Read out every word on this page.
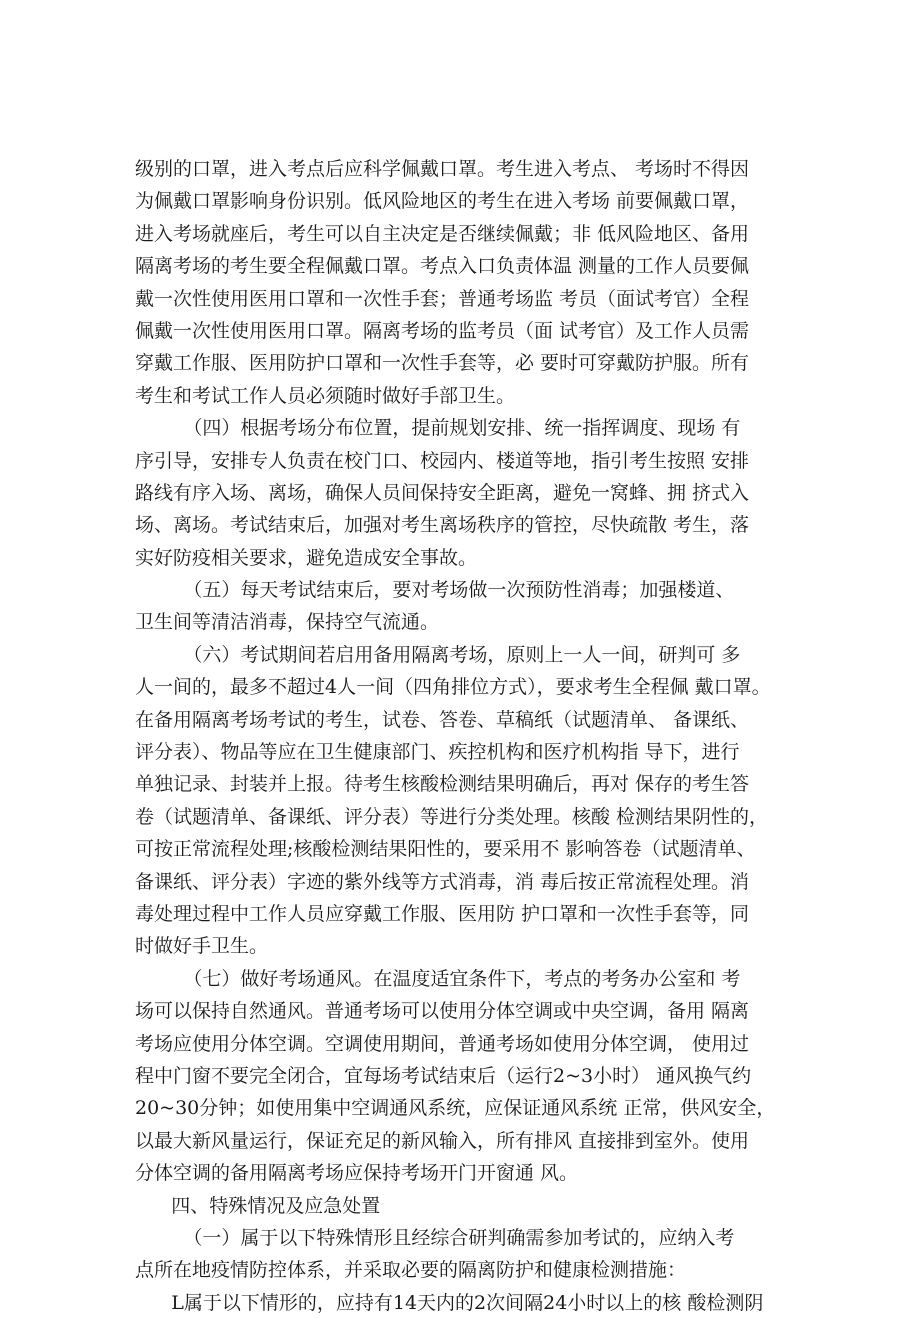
级别的口罩，进入考点后应科学佩戴口罩。考生进入考点、 考场时不得因
为佩戴口罩影响身份识别。低风险地区的考生在进入考场 前要佩戴口罩，
进入考场就座后，考生可以自主决定是否继续佩戴；非 低风险地区、备用
隔离考场的考生要全程佩戴口罩。考点入口负责体温 测量的工作人员要佩
戴一次性使用医用口罩和一次性手套；普通考场监 考员（面试考官）全程
佩戴一次性使用医用口罩。隔离考场的监考员（面 试考官）及工作人员需
穿戴工作服、医用防护口罩和一次性手套等，必 要时可穿戴防护服。所有
考生和考试工作人员必须随时做好手部卫生。
（四）根据考场分布位置，提前规划安排、统一指挥调度、现场 有
序引导，安排专人负责在校门口、校园内、楼道等地，指引考生按照 安排
路线有序入场、离场，确保人员间保持安全距离，避免一窝蜂、拥 挤式入
场、离场。考试结束后，加强对考生离场秩序的管控，尽快疏散 考生，落
实好防疫相关要求，避免造成安全事故。
（五）每天考试结束后，要对考场做一次预防性消毒；加强楼道、
卫生间等清洁消毒，保持空气流通。
（六）考试期间若启用备用隔离考场，原则上一人一间，研判可 多
人一间的，最多不超过4人一间（四角排位方式），要求考生全程佩 戴口罩。
在备用隔离考场考试的考生，试卷、答卷、草稿纸（试题清单、 备课纸、
评分表）、物品等应在卫生健康部门、疾控机构和医疗机构指 导下，进行
单独记录、封装并上报。待考生核酸检测结果明确后，再对 保存的考生答
卷（试题清单、备课纸、评分表）等进行分类处理。核酸 检测结果阴性的，
可按正常流程处理;核酸检测结果阳性的，要采用不 影响答卷（试题清单、
备课纸、评分表）字迹的紫外线等方式消毒，消 毒后按正常流程处理。消
毒处理过程中工作人员应穿戴工作服、医用防 护口罩和一次性手套等，同
时做好手卫生。
（七）做好考场通风。在温度适宜条件下，考点的考务办公室和 考
场可以保持自然通风。普通考场可以使用分体空调或中央空调，备用 隔离
考场应使用分体空调。空调使用期间，普通考场如使用分体空调， 使用过
程中门窗不要完全闭合，宜每场考试结束后（运行2~3小时） 通风换气约
20~30分钟；如使用集中空调通风系统，应保证通风系统 正常，供风安全，
以最大新风量运行，保证充足的新风输入，所有排风 直接排到室外。使用
分体空调的备用隔离考场应保持考场开门开窗通 风。
四、特殊情况及应急处置
（一）属于以下特殊情形且经综合研判确需参加考试的，应纳入考
点所在地疫情防控体系，并采取必要的隔离防护和健康检测措施：
L属于以下情形的，应持有14天内的2次间隔24小时以上的核 酸检测阴
